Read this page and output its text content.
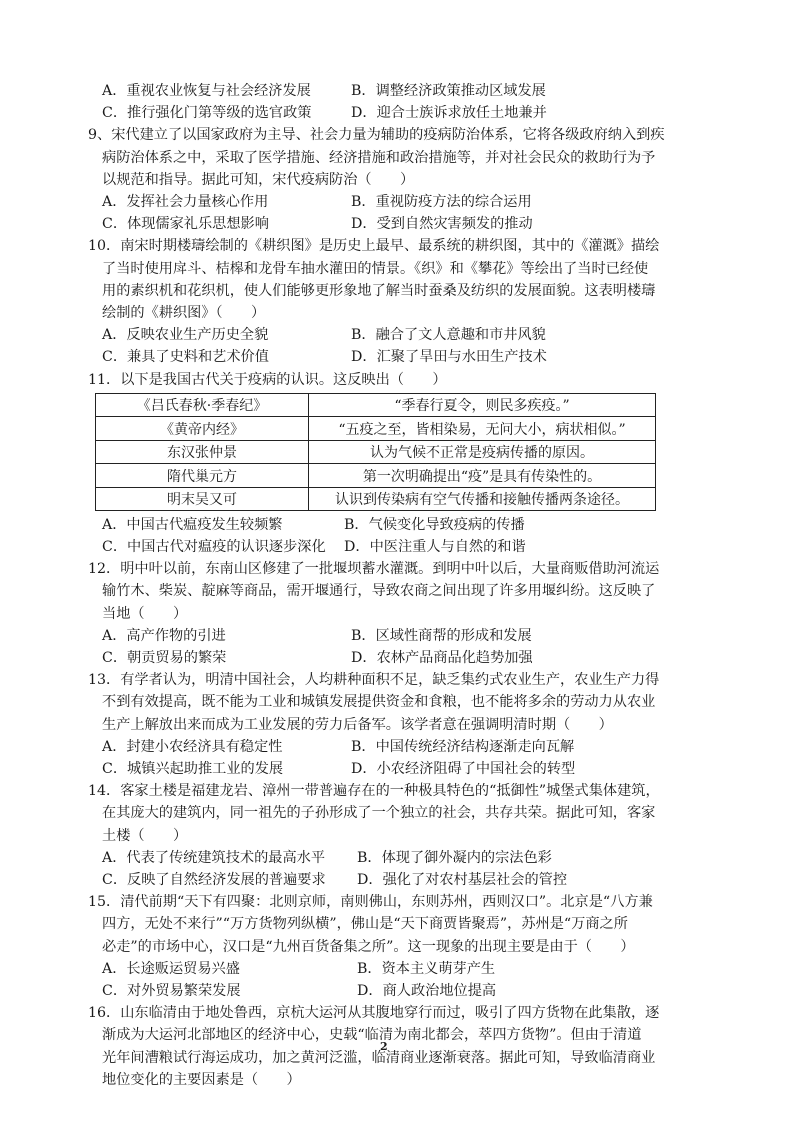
A．重视农业恢复与社会经济发展	B．调整经济政策推动区域发展
C．推行强化门第等级的选官政策	D．迎合士族诉求放任土地兼并
9、宋代建立了以国家政府为主导、社会力量为辅助的疫病防治体系，它将各级政府纳入到疾
病防治体系之中，采取了医学措施、经济措施和政治措施等，并对社会民众的救助行为予
以规范和指导。据此可知，宋代疫病防治（　　）
A．发挥社会力量核心作用	B．重视防疫方法的综合运用
C．体现儒家礼乐思想影响	D．受到自然灾害频发的推动
10．南宋时期楼璹绘制的《耕织图》是历史上最早、最系统的耕织图，其中的《灌溉》描绘
了当时使用戽斗、桔槔和龙骨车抽水灌田的情景。《织》和《攀花》等绘出了当时已经使
用的素织机和花织机，使人们能够更形象地了解当时蚕桑及纺织的发展面貌。这表明楼璹
绘制的《耕织图》（　　）
A．反映农业生产历史全貌	B．融合了文人意趣和市井风貌
C．兼具了史料和艺术价值	D．汇聚了旱田与水田生产技术
11．以下是我国古代关于疫病的认识。这反映出（　　）
《吕氏春秋·季春纪》	“季春行夏令，则民多疾疫。”
《黄帝内经》	“五疫之至，皆相染易，无问大小，病状相似。”
东汉张仲景	认为气候不正常是疫病传播的原因。
隋代巢元方	第一次明确提出“疫”是具有传染性的。
明末吴又可	认识到传染病有空气传播和接触传播两条途径。
A．中国古代瘟疫发生较频繁	B．气候变化导致疫病的传播
C．中国古代对瘟疫的认识逐步深化 D．中医注重人与自然的和谐
12．明中叶以前，东南山区修建了一批堰坝蓄水灌溉。到明中叶以后，大量商贩借助河流运
输竹木、柴炭、靛麻等商品，需开堰通行，导致农商之间出现了许多用堰纠纷。这反映了
当地（　　）
A．高产作物的引进	B．区域性商帮的形成和发展
C．朝贡贸易的繁荣	D．农林产品商品化趋势加强
13．有学者认为，明清中国社会，人均耕种面积不足，缺乏集约式农业生产，农业生产力得
不到有效提高，既不能为工业和城镇发展提供资金和食粮，也不能将多余的劳动力从农业
生产上解放出来而成为工业发展的劳力后备军。该学者意在强调明清时期（　　）
A．封建小农经济具有稳定性	B．中国传统经济结构逐渐走向瓦解
C．城镇兴起助推工业的发展	D．小农经济阻碍了中国社会的转型
14．客家土楼是福建龙岩、漳州一带普遍存在的一种极具特色的“抵御性”城堡式集体建筑，
在其庞大的建筑内，同一祖先的子孙形成了一个独立的社会，共存共荣。据此可知，客家
土楼（　　）
A．代表了传统建筑技术的最高水平 B．体现了御外凝内的宗法色彩
C．反映了自然经济发展的普遍要求 D．强化了对农村基层社会的管控
15．清代前期“天下有四聚：北则京师，南则佛山，东则苏州，西则汉口”。北京是“八方兼
四方，无处不来行”“万方货物列纵横”，佛山是“天下商贾皆聚焉”，苏州是“万商之所
必走”的市场中心，汉口是“九州百货备集之所”。这一现象的出现主要是由于（　　）
A．长途贩运贸易兴盛	B．资本主义萌芽产生
C．对外贸易繁荣发展	D．商人政治地位提高
16．山东临清由于地处鲁西，京杭大运河从其腹地穿行而过，吸引了四方货物在此集散，逐
渐成为大运河北部地区的经济中心，史载“临清为南北都会，萃四方货物”。但由于清道
光年间漕粮试行海运成功，加之黄河泛滥，临清商业逐渐衰落。据此可知，导致临清商业
地位变化的主要因素是（　　）
2
